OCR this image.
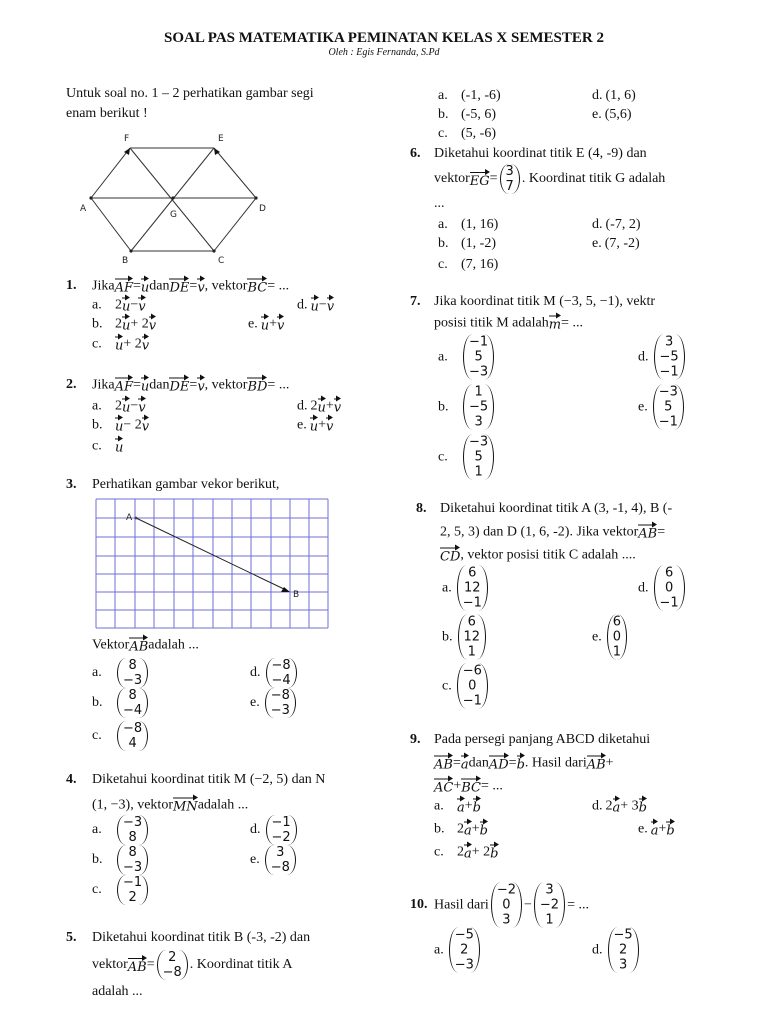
SOAL PAS MATEMATIKA PEMINATAN KELAS X SEMESTER 2
Oleh : Egis Fernanda, S.Pd
Untuk soal no. 1 – 2 perhatikan gambar segi
enam berikut !
F	E
A	D
G
B	C
A
B
Jika AF = u dan DE = v , vektor BC = ...
1.
a. 2 u − v
b. 2 u + 2 v
c.	u + 2 v
d. u − v
e. u + v
Jika AF = u dan DE = v , vektor BD = ...
2.
a. 2 u − v
b. u − 2 v
c.	u
d. 2 u + v
e. u + v
Perhatikan gambar vekor berikut,
Vektor AB adalah ...
3.
a.	8
−3
b.	8
−4
c.	−8
4
d. −8
−4
e. −8
−3
Diketahui koordinat titik M (−2, 5) dan N
(1, −3), vektor MN adalah ...
4.
a.	−3
8
b.	8
−3
c.	−1
2
d. −1
−2
e. 3
−8
Diketahui koordinat titik B (-3, -2) dan
vektor AB = 2
−8
. Koordinat titik A
adalah ...
5.
a. (-1, -6)
b. (-5, 6)
c. (5, -6)
d. (1, 6)
e. (5,6)
Diketahui koordinat titik E (4, -9) dan
vektor EG = 3
7
. Koordinat titik G adalah
...
6.
a. (1, 16)
b. (1, -2)
c. (7, 16)
d. (-7, 2)
e. (7, -2)
Jika koordinat titik M (−3, 5, −1), vektr
posisi titik M adalah m = ...
7.
a.
−1
5
−3
b.
1
−5
3
c.
−3
5
1
d.
3
−5
−1
e.
−3
5
−1
Diketahui koordinat titik A (3, -1, 4), B (-
2, 5, 3) dan D (1, 6, -2). Jika vektor AB =
CD , vektor posisi titik C adalah ....
8.
a.
6
12
−1
b.
6
12
1
c.
−6
0
−1
d.
6
0
−1
e.
6
0
1
Pada persegi panjang ABCD diketahui
AB = a dan AD = b . Hasil dari AB +
AC + BC = ...
9.
a.	a + b
b. 2 a + b
c. 2 a + 2 b
d. 2 a + 3 b
e. a + b
Hasil dari
−2
0
3
−
3
−2
1
= ...
10.
a.
−5
2
−3
d.
−5
2
3
